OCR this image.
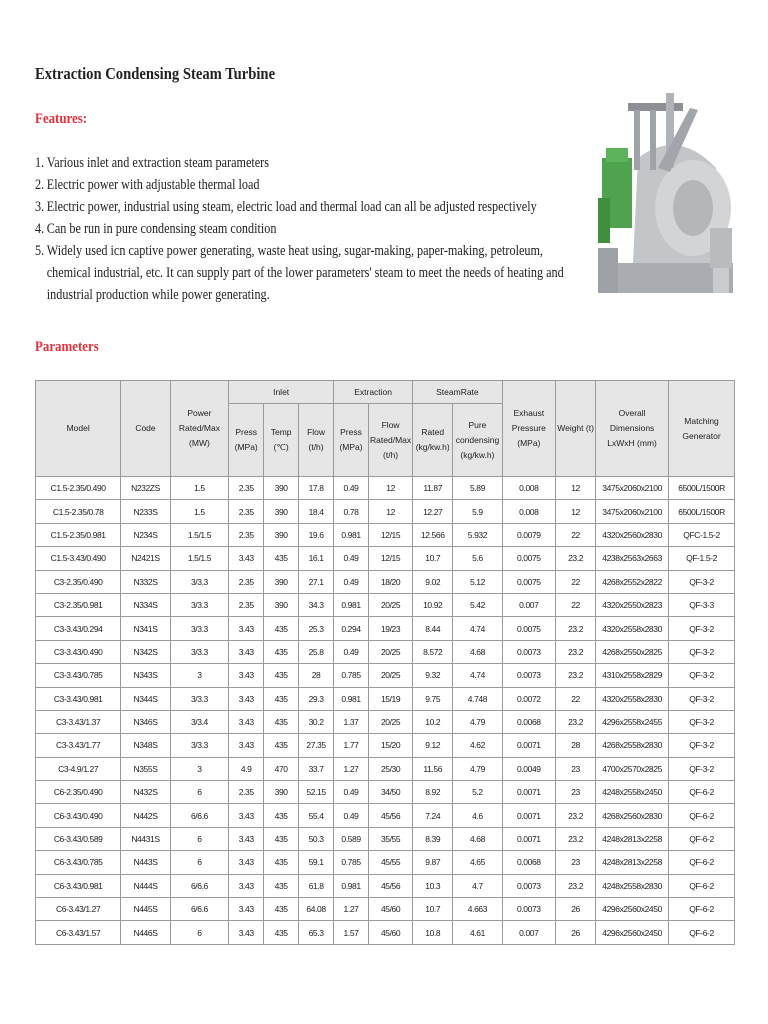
Extraction Condensing Steam Turbine
Features:
1. Various inlet and extraction steam parameters
2. Electric power with adjustable thermal load
3. Electric power, industrial using steam, electric load and thermal load can all be adjusted respectively
4. Can be run in pure condensing steam condition
5. Widely used icn captive power generating, waste heat using, sugar-making, paper-making, petroleum, chemical industrial, etc. It can supply part of the lower parameters' steam to meet the needs of heating and industrial production while power generating.
Parameters
Model	Code	Power Rated/Max (MW)	Inlet			Extraction		SteamRate		Exhaust Pressure (MPa)	Weight (t)	Overall Dimensions LxWxH (mm)	Matching Generator
			Press (MPa)	Temp (℃)	Flow (t/h)	Press (MPa)	Flow Rated/Max (t/h)	Rated (kg/kw.h)	Pure condensing (kg/kw.h)				
C1.5-2.35/0.490	N232ZS	1.5	2.35	390	17.8	0.49	12	11.87	5.89	0.008	12	3475x2060x2100	6500L/1500R
C1.5-2.35/0.78	N233S	1.5	2.35	390	18.4	0.78	12	12.27	5.9	0.008	12	3475x2060x2100	6500L/1500R
C1.5-2.35/0.981	N234S	1.5/1.5	2.35	390	19.6	0.981	12/15	12.566	5.932	0.0079	22	4320x2560x2830	QFC-1.5-2
C1.5-3.43/0.490	N2421S	1.5/1.5	3.43	435	16.1	0.49	12/15	10.7	5.6	0.0075	23.2	4238x2563x2663	QF-1.5-2
C3-2.35/0.490	N332S	3/3.3	2.35	390	27.1	0.49	18/20	9.02	5.12	0.0075	22	4268x2552x2822	QF-3-2
C3-2.35/0.981	N334S	3/3.3	2.35	390	34.3	0.981	20/25	10.92	5.42	0.007	22	4320x2550x2823	QF-3-3
C3-3.43/0.294	N341S	3/3.3	3.43	435	25.3	0.294	19/23	8.44	4.74	0.0075	23.2	4320x2558x2830	QF-3-2
C3-3.43/0.490	N342S	3/3.3	3.43	435	25.8	0.49	20/25	8.572	4.68	0.0073	23.2	4268x2550x2825	QF-3-2
C3-3.43/0.785	N343S	3	3.43	435	28	0.785	20/25	9.32	4.74	0.0073	23.2	4310x2558x2829	QF-3-2
C3-3.43/0.981	N344S	3/3.3	3.43	435	29.3	0.981	15/19	9.75	4.748	0.0072	22	4320x2558x2830	QF-3-2
C3-3.43/1.37	N346S	3/3.4	3.43	435	30.2	1.37	20/25	10.2	4.79	0.0068	23.2	4296x2558x2455	QF-3-2
C3-3.43/1.77	N348S	3/3.3	3.43	435	27.35	1.77	15/20	9.12	4.62	0.0071	28	4268x2558x2830	QF-3-2
C3-4.9/1.27	N355S	3	4.9	470	33.7	1.27	25/30	11.56	4.79	0.0049	23	4700x2570x2825	QF-3-2
C6-2.35/0.490	N432S	6	2.35	390	52.15	0.49	34/50	8.92	5.2	0.0071	23	4248x2558x2450	QF-6-2
C6-3.43/0.490	N442S	6/6.6	3.43	435	55.4	0.49	45/56	7.24	4.6	0.0071	23.2	4268x2560x2830	QF-6-2
C6-3.43/0.589	N4431S	6	3.43	435	50.3	0.589	35/55	8.39	4.68	0.0071	23.2	4248x2813x2258	QF-6-2
C6-3.43/0.785	N443S	6	3.43	435	59.1	0.785	45/55	9.87	4.65	0.0068	23	4248x2813x2258	QF-6-2
C6-3.43/0.981	N444S	6/6.6	3.43	435	61.8	0.981	45/56	10.3	4.7	0.0073	23.2	4248x2558x2830	QF-6-2
C6-3.43/1.27	N445S	6/6.6	3.43	435	64.08	1.27	45/60	10.7	4.663	0.0073	26	4296x2560x2450	QF-6-2
C6-3.43/1.57	N446S	6	3.43	435	65.3	1.57	45/60	10.8	4.61	0.007	26	4296x2560x2450	QF-6-2
